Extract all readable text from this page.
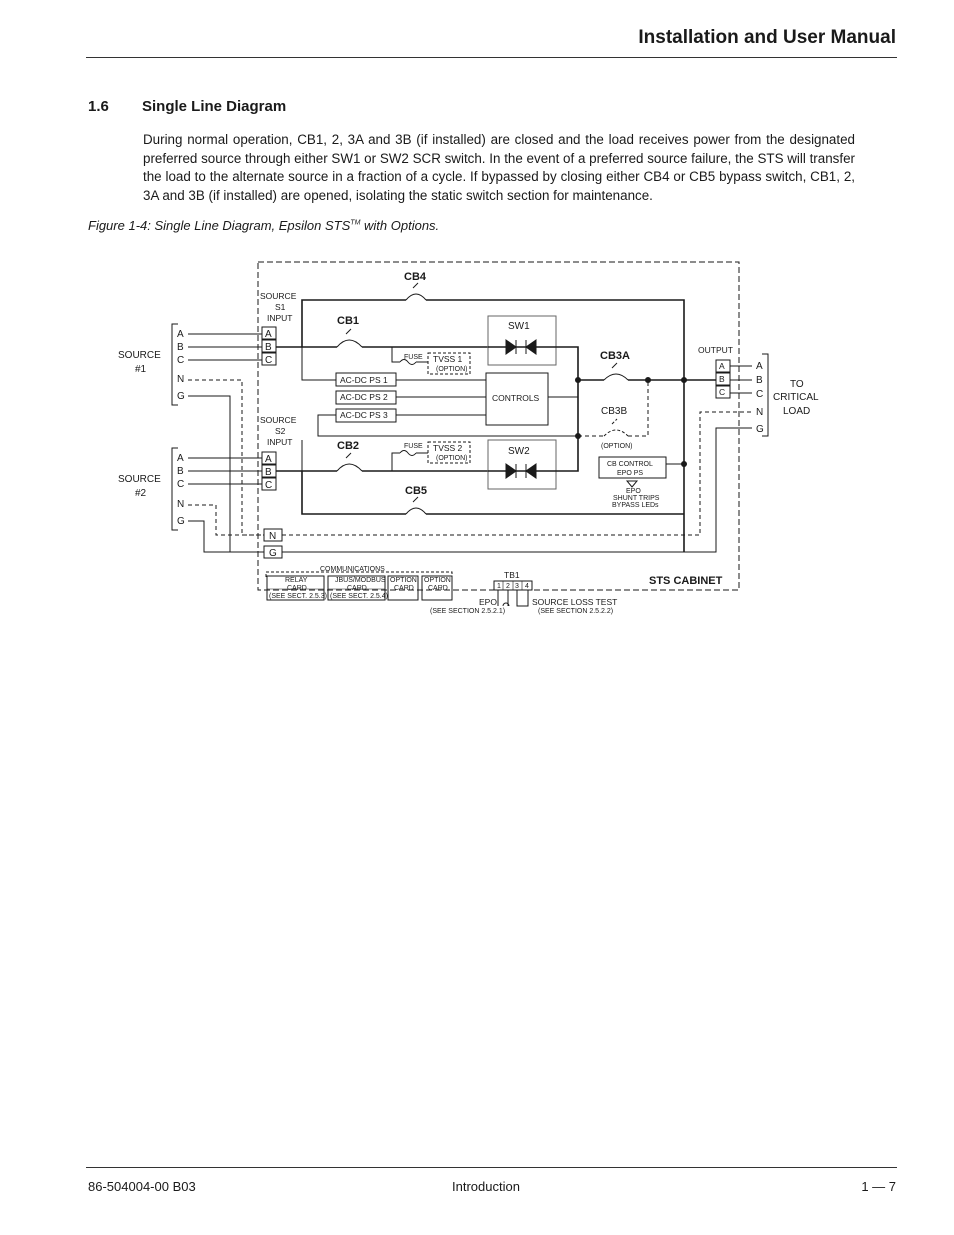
Installation and User Manual
1.6 Single Line Diagram
During normal operation, CB1, 2, 3A and 3B (if installed) are closed and the load receives power from the designated preferred source through either SW1 or SW2 SCR switch. In the event of a preferred source failure, the STS will transfer the load to the alternate source in a fraction of a cycle. If bypassed by closing either CB4 or CB5 bypass switch, CB1, 2, 3A and 3B (if installed) are opened, isolating the static switch section for maintenance.
Figure 1-4: Single Line Diagram, Epsilon STS™ with Options.
SOURCE
#1
A
B
C
N
G
SOURCE
#2
A
B
C
N
G
A
B
C
A
B
C
N
G
SW1
SW2
CB3B
A
B
C
N
G
TO
CRITICAL
LOAD
CB4
CB1
CB2
CB5
CB3A
STS CABINET
SOURCE
S1
INPUT
SOURCE
S2
INPUT
AC-DC PS 1
AC-DC PS 2
AC-DC PS 3
CONTROLS
TVSS 1
TVSS 2
OUTPUT
A
B
C
TB1
EPO	SOURCE LOSS TEST
FUSE
FUSE
(OPTION)
(OPTION)
(OPTION)
CB CONTROL
EPO PS
EPO
SHUNT TRIPS
BYPASS LEDs
COMMUNICATIONS
RELAY
CARD
(SEE SECT. 2.5.3)
JBUS/MODBUS
CARD
(SEE SECT. 2.5.4)
OPTION
CARD
OPTION
CARD	1 2 3 4
(SEE SECTION 2.5.2.1)	(SEE SECTION 2.5.2.2)
86-504004-00 B03	Introduction	1 — 7
